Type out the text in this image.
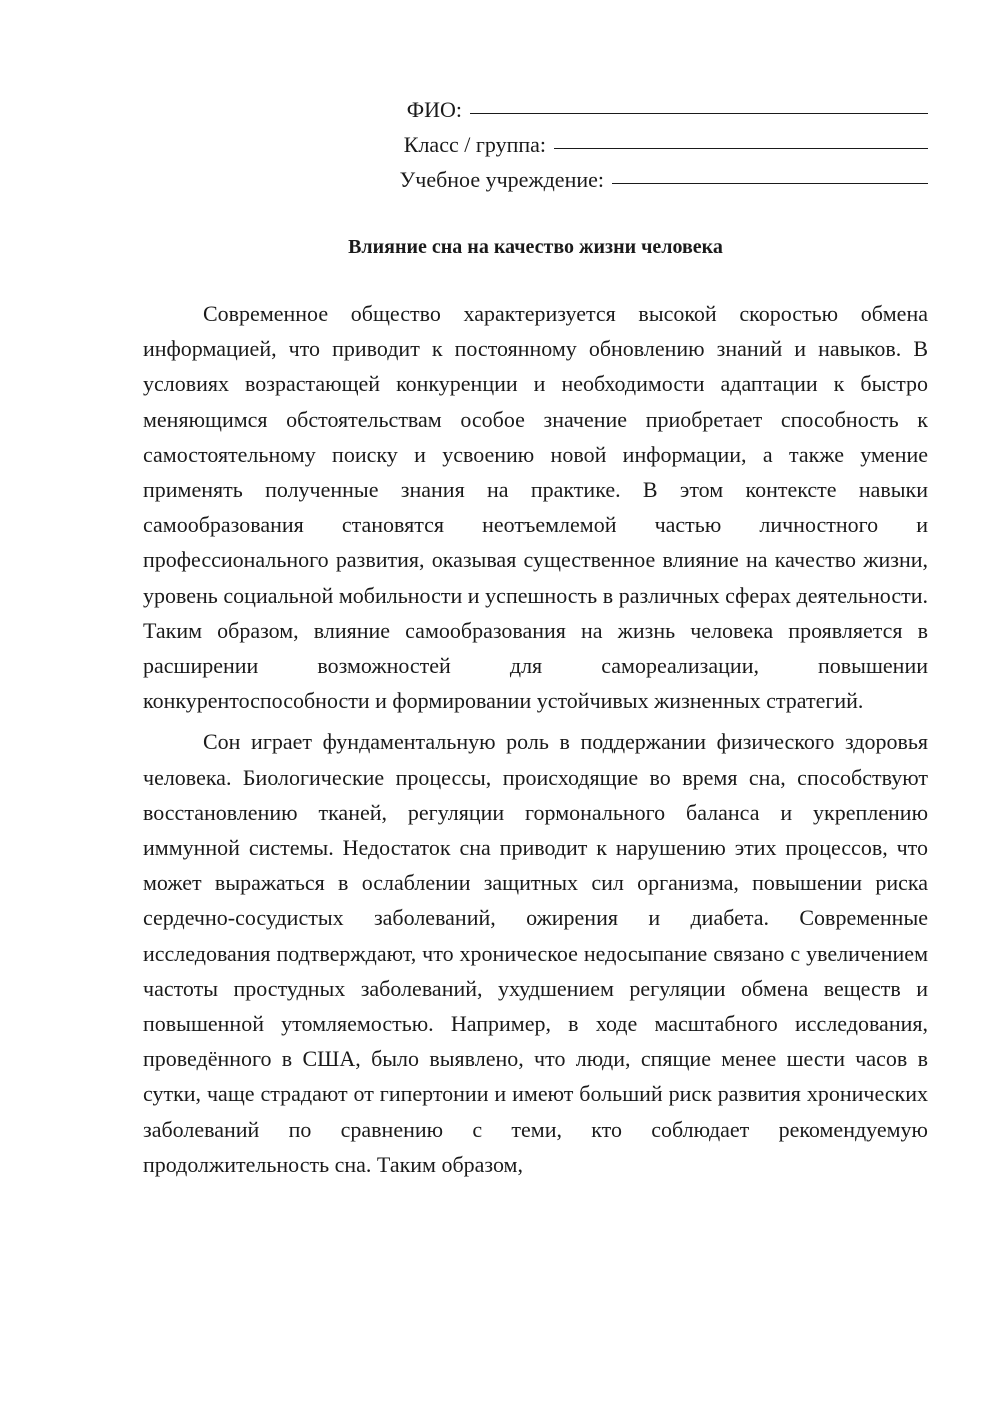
ФИО:
Класс / группа:
Учебное учреждение:
Влияние сна на качество жизни человека

Современное общество характеризуется высокой скоростью обмена информацией, что приводит к постоянному обновлению знаний и навыков. В условиях возрастающей конкуренции и необходимости адаптации к быстро меняющимся обстоятельствам особое значение приобретает способность к самостоятельному поиску и усвоению новой информации, а также умение применять полученные знания на практике. В этом контексте навыки самообразования становятся неотъемлемой частью личностного и профессионального развития, оказывая существенное влияние на качество жизни, уровень социальной мобильности и успешность в различных сферах деятельности. Таким образом, влияние самообразования на жизнь человека проявляется в расширении возможностей для самореализации, повышении конкурентоспособности и формировании устойчивых жизненных стратегий.

Сон играет фундаментальную роль в поддержании физического здоровья человека. Биологические процессы, происходящие во время сна, способствуют восстановлению тканей, регуляции гормонального баланса и укреплению иммунной системы. Недостаток сна приводит к нарушению этих процессов, что может выражаться в ослаблении защитных сил организма, повышении риска сердечно-сосудистых заболеваний, ожирения и диабета. Современные исследования подтверждают, что хроническое недосыпание связано с увеличением частоты простудных заболеваний, ухудшением регуляции обмена веществ и повышенной утомляемостью. Например, в ходе масштабного исследования, проведённого в США, было выявлено, что люди, спящие менее шести часов в сутки, чаще страдают от гипертонии и имеют больший риск развития хронических заболеваний по сравнению с теми, кто соблюдает рекомендуемую продолжительность сна. Таким образом,
